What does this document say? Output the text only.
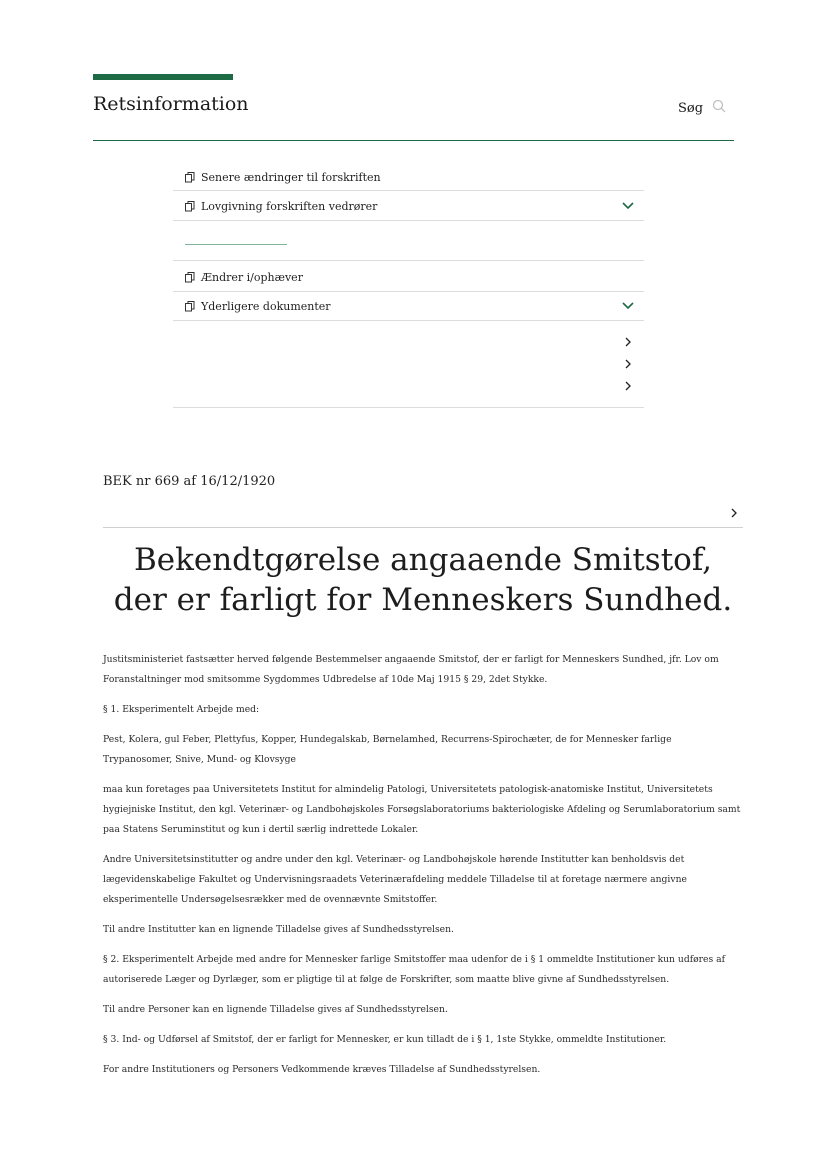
Retsinformation	Søg
Senere ændringer til forskriften
Lovgivning forskriften vedrører
Ændrer i/ophæver
Yderligere dokumenter
BEK nr 669 af 16/12/1920
Bekendtgørelse angaaende Smitstof, der er farligt for Menneskers Sundhed.

Justitsministeriet fastsætter herved følgende Bestemmelser angaaende Smitstof, der er farligt for Menneskers Sundhed, jfr. Lov om Foranstaltninger mod smitsomme Sygdommes Udbredelse af 10de Maj 1915 § 29, 2det Stykke.

§ 1. Eksperimentelt Arbejde med:

Pest, Kolera, gul Feber, Plettyfus, Kopper, Hundegalskab, Børnelamhed, Recurrens-Spirochæter, de for Mennesker farlige Trypanosomer, Snive, Mund- og Klovsyge

maa kun foretages paa Universitetets Institut for almindelig Patologi, Universitetets patologisk-anatomiske Institut, Universitetets hygiejniske Institut, den kgl. Veterinær- og Landbohøjskoles Forsøgslaboratoriums bakteriologiske Afdeling og Serumlaboratorium samt paa Statens Seruminstitut og kun i dertil særlig indrettede Lokaler.

Andre Universitetsinstitutter og andre under den kgl. Veterinær- og Landbohøjskole hørende Institutter kan benholdsvis det lægevidenskabelige Fakultet og Undervisningsraadets Veterinærafdeling meddele Tilladelse til at foretage nærmere angivne eksperimentelle Undersøgelsesrækker med de ovennævnte Smitstoffer.

Til andre Institutter kan en lignende Tilladelse gives af Sundhedsstyrelsen.

§ 2. Eksperimentelt Arbejde med andre for Mennesker farlige Smitstoffer maa udenfor de i § 1 ommeldte Institutioner kun udføres af autoriserede Læger og Dyrlæger, som er pligtige til at følge de Forskrifter, som maatte blive givne af Sundhedsstyrelsen.

Til andre Personer kan en lignende Tilladelse gives af Sundhedsstyrelsen.

§ 3. Ind- og Udførsel af Smitstof, der er farligt for Mennesker, er kun tilladt de i § 1, 1ste Stykke, ommeldte Institutioner.

For andre Institutioners og Personers Vedkommende kræves Tilladelse af Sundhedsstyrelsen.
